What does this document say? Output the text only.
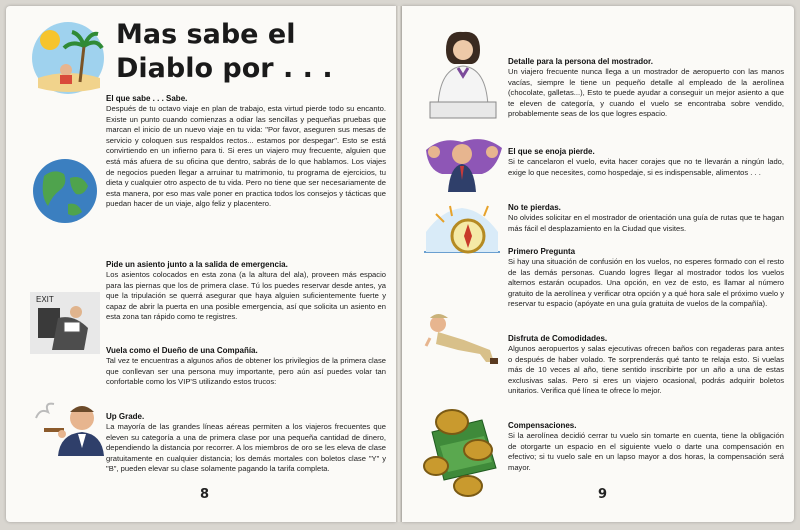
Mas sabe el
Diablo por . . .
El que sabe . . . Sabe.

Después de tu octavo viaje en plan de trabajo, esta virtud pierde todo su encanto. Existe un punto cuando comienzas a odiar las sencillas y pequeñas pruebas que marcan el inicio de un nuevo viaje en tu vida: "Por favor, aseguren sus mesas de servicio y coloquen sus respaldos rectos... estamos por despegar". Esto se está convirtiendo en un infierno para ti. Si eres un viajero muy frecuente, alguien que está más afuera de su oficina que dentro, sabrás de lo que hablamos. Los viajes de negocios pueden llegar a arruinar tu matrimonio, tu programa de ejercicios, tu dieta y cualquier otro aspecto de tu vida. Pero no tiene que ser necesariamente de esta manera, por eso mas vale poner en practica todos los consejos y tácticas que puedan hacer de un viaje, algo feliz y placentero.

Pide un asiento junto a la salida de emergencia.

Los asientos colocados en esta zona (a la altura del ala), proveen más espacio para las piernas que los de primera clase. Tú los puedes reservar desde antes, ya que la tripulación se querrá asegurar que haya alguien suficientemente fuerte y capaz de abrir la puerta en una posible emergencia, así que solicita un asiento en esta zona tan rápido como te registres.

EXIT
Vuela como el Dueño de una Compañía.

Tal vez te encuentras a algunos años de obtener los privilegios de la primera clase que conllevan ser una persona muy importante, pero aún así puedes volar tan confortable como los VIP'S utilizando estos trucos:

Up Grade.

La mayoría de las grandes líneas aéreas permiten a los viajeros frecuentes que eleven su categoría a una de primera clase por una pequeña cantidad de dinero, dependiendo la distancia por recorrer. A los miembros de oro se les eleva de clase gratuitamente en cualquier distancia; los demás mortales con boletos clase "Y" y "B", pueden elevar su clase solamente pagando la tarifa completa.

8
Detalle para la persona del mostrador.

Un viajero frecuente nunca llega a un mostrador de aeropuerto con las manos vacías, siempre le tiene un pequeño detalle al empleado de la aerolínea (chocolate, galletas...), Esto te puede ayudar a conseguir un mejor asiento a que te eleven de categoría, y cuando el vuelo se encontraba sobre vendido, probablemente seas de los que logres espacio.

El que se enoja pierde.

Si te cancelaron el vuelo, evita hacer corajes que no te llevarán a ningún lado, exige lo que necesites, como hospedaje, si es indispensable, alimentos . . .

No te pierdas.

No olvides solicitar en el mostrador de orientación una guía de rutas que te hagan más fácil el desplazamiento en la Ciudad que visites.

Primero Pregunta

Si hay una situación de confusión en los vuelos, no esperes formado con el resto de las demás personas. Cuando logres llegar al mostrador todos los vuelos alternos estarán ocupados. Una opción, en vez de esto, es llamar al número gratuito de la aerolínea y verificar otra opción y a qué hora sale el próximo vuelo y reservar tu espacio (apóyate en una guía gratuita de vuelos de la compañía).

Disfruta de Comodidades.

Algunos aeropuertos y salas ejecutivas ofrecen baños con regaderas para antes o después de haber volado. Te sorprenderás qué tanto te relaja esto. Si vuelas más de 10 veces al año, tiene sentido inscribirte por un año a una de estas exclusivas salas. Pero si eres un viajero ocasional, podrás adquirir boletos unitarios. Verifica qué línea te ofrece lo mejor.

Compensaciones.

Si la aerolínea decidió cerrar tu vuelo sin tomarte en cuenta, tiene la obligación de otorgarte un espacio en el siguiente vuelo o darte una compensación en efectivo; si tu vuelo sale en un lapso mayor a dos horas, la compensación será mayor.

9
